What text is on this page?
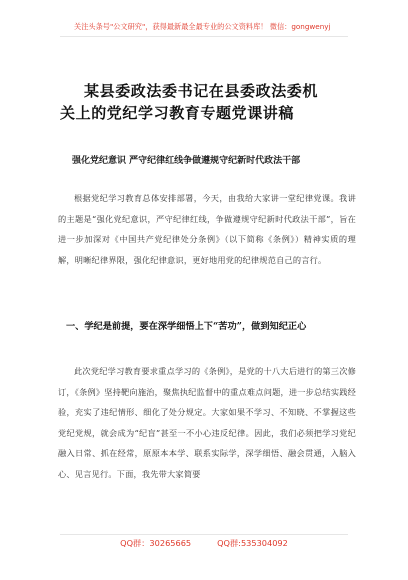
关注头条号"公文研究"，获得最新最全最专业的公文资料库！ 微信：gongwenyj
某县委政法委书记在县委政法委机
关上的党纪学习教育专题党课讲稿
强化党纪意识 严守纪律红线争做遵规守纪新时代政法干部
根据党纪学习教育总体安排部署，今天，由我给大家讲一堂纪律党课。我讲的主题是“强化党纪意识，严守纪律红线，争做遵规守纪新时代政法干部”，旨在进一步加深对《中国共产党纪律处分条例》（以下简称《条例》）精神实质的理解，明晰纪律界限，强化纪律意识，更好地用党的纪律规范自己的言行。
一、学纪是前提，要在深学细悟上下“苦功”，做到知纪正心
此次党纪学习教育要求重点学习的《条例》，是党的十八大后进行的第三次修订，《条例》坚持靶向施治，聚焦执纪监督中的重点难点问题，进一步总结实践经验，充实了违纪情形、细化了处分规定。大家如果不学习、不知晓、不掌握这些党纪党规，就会成为“纪盲”甚至一不小心违反纪律。因此，我们必须把学习党纪融入日常、抓在经常，原原本本学、联系实际学，深学细悟、融会贯通，入脑入心、见言见行。下面，我先带大家简要
QQ群：30265665	QQ群:535304092
